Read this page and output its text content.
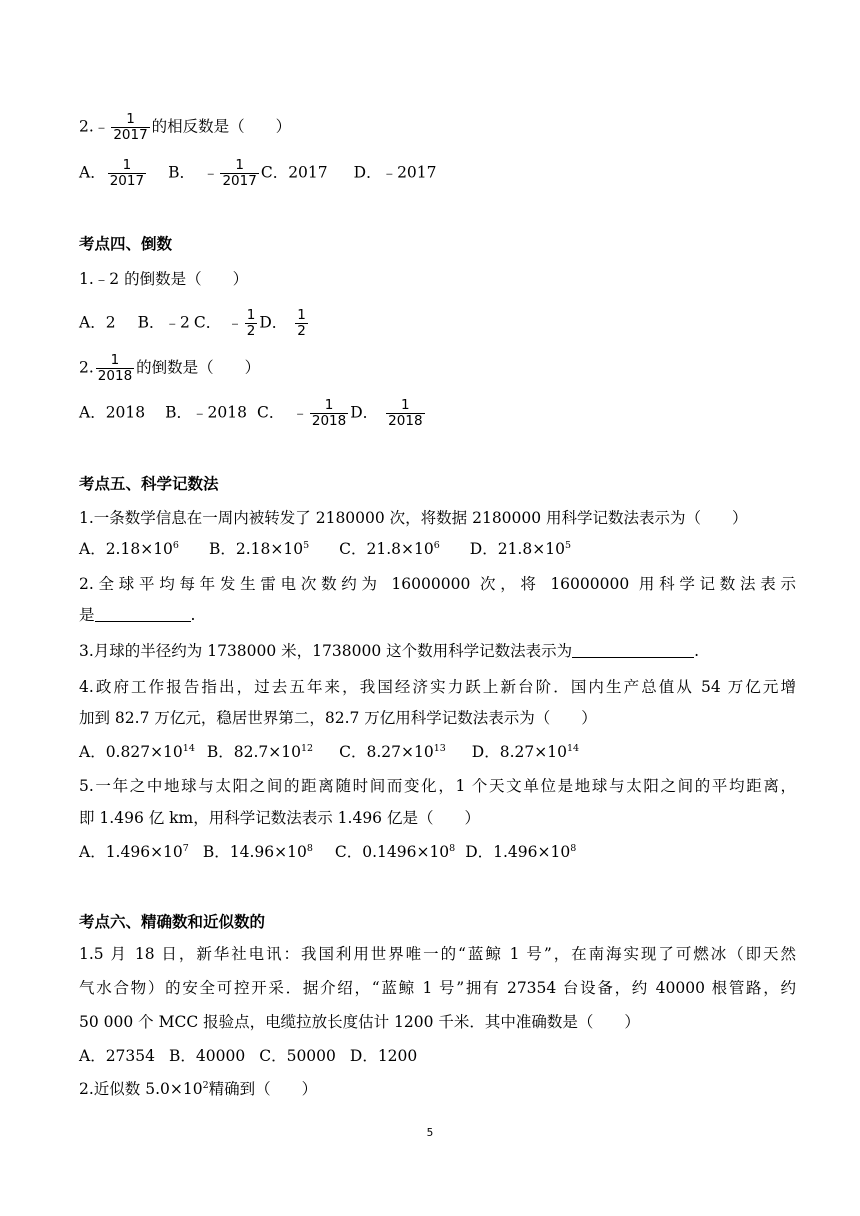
2.﹣ $\frac{1}{2017}$ 的相反数是（　　）
A． $\frac{1}{2017}$ B． ﹣ $\frac{1}{2017}$ C．2017 D．﹣2017
考点四、倒数
1.﹣2 的倒数是（　　）
A．2 B．﹣2 C． ﹣ $\frac{1}{2}$ D． $\frac{1}{2}$
2. $\frac{1}{2018}$ 的倒数是（　　）
A．2018 B．﹣2018 C． ﹣ $\frac{1}{2018}$ D． $\frac{1}{2018}$
考点五、科学记数法
1.一条数学信息在一周内被转发了 2180000 次，将数据 2180000 用科学记数法表示为（　　）
A．$2.18\times 10^6$ B．$2.18\times 10^5$ C．$21.8\times 10^6$ D．$21.8\times 10^5$
2.全球平均每年发生雷电次数约为 16000000 次，将 16000000 用科学记数法表示
是	.
3.月球的半径约为 1738000 米，1738000 这个数用科学记数法表示为	.
4.政府工作报告指出，过去五年来，我国经济实力跃上新台阶．国内生产总值从 54 万亿元增
加到 82.7 万亿元，稳居世界第二，82.7 万亿用科学记数法表示为（　　）
A．$0.827\times 10^{14}$ B．$82.7\times 10^{12}$ C．$8.27\times 10^{13}$ D．$8.27\times 10^{14}$
5.一年之中地球与太阳之间的距离随时间而变化，1 个天文单位是地球与太阳之间的平均距离，
即 1.496 亿 km，用科学记数法表示 1.496 亿是（　　）
A．$1.496\times 10^7$ B．$14.96\times 10^8$ C．$0.1496\times 10^8$ D．$1.496\times 10^8$
考点六、精确数和近似数的
1.5 月 18 日，新华社电讯：我国利用世界唯一的“蓝鲸 1 号”，在南海实现了可燃冰（即天然
气水合物）的安全可控开采．据介绍，“蓝鲸 1 号”拥有 27354 台设备，约 40000 根管路，约
50 000 个 MCC 报验点，电缆拉放长度估计 1200 千米．其中准确数是（　　）
A．27354 B．40000 C．50000 D．1200
2.近似数 $5.0\times 10^2$精确到（　　）
5
